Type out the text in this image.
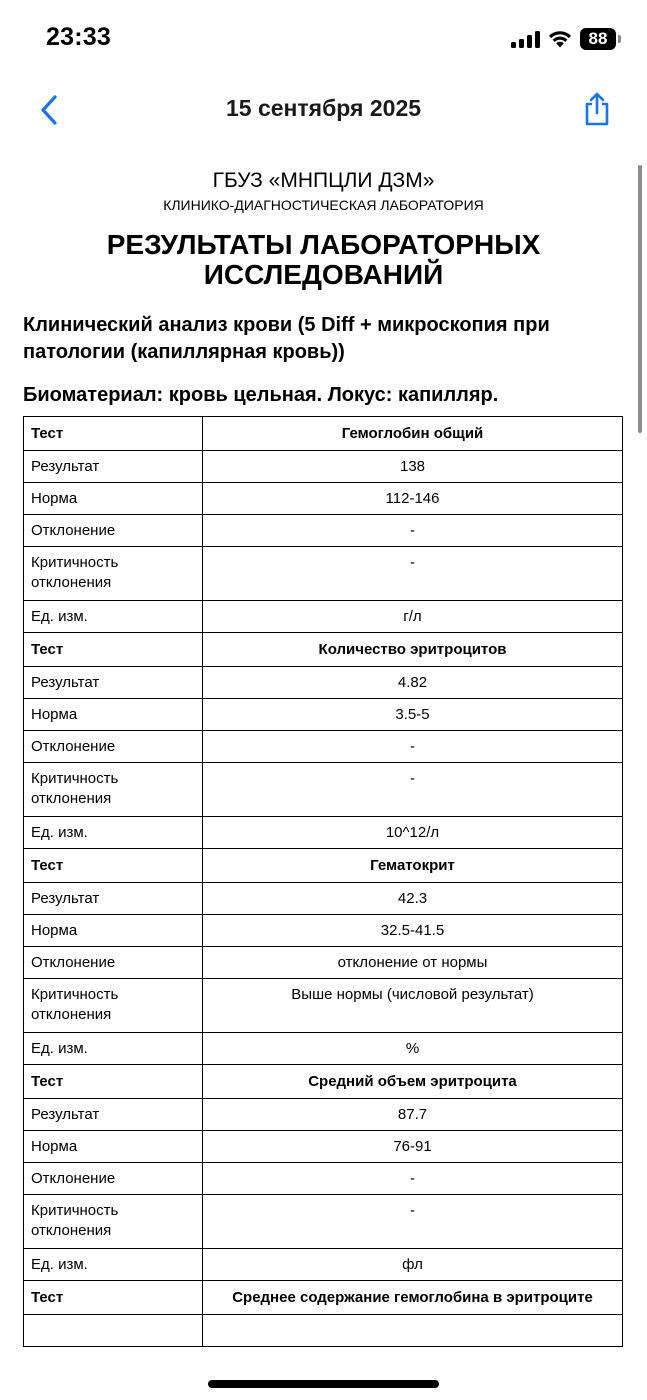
23:33	88
15 сентября 2025
ГБУЗ «МНПЦЛИ ДЗМ»
КЛИНИКО-ДИАГНОСТИЧЕСКАЯ ЛАБОРАТОРИЯ
РЕЗУЛЬТАТЫ ЛАБОРАТОРНЫХ ИССЛЕДОВАНИЙ
Клинический анализ крови (5 Diff + микроскопия при патологии (капиллярная кровь))
Биоматериал: кровь цельная. Локус: капилляр.
Тест	Гемоглобин общий
Результат	138
Норма	112-146
Отклонение	-
Критичность отклонения	-
Ед. изм.	г/л
Тест	Количество эритроцитов
Результат	4.82
Норма	3.5-5
Отклонение	-
Критичность отклонения	-
Ед. изм.	10^12/л
Тест	Гематокрит
Результат	42.3
Норма	32.5-41.5
Отклонение	отклонение от нормы
Критичность отклонения	Выше нормы (числовой результат)
Ед. изм.	%
Тест	Средний объем эритроцита
Результат	87.7
Норма	76-91
Отклонение	-
Критичность отклонения	-
Ед. изм.	фл
Тест	Среднее содержание гемоглобина в эритроците
